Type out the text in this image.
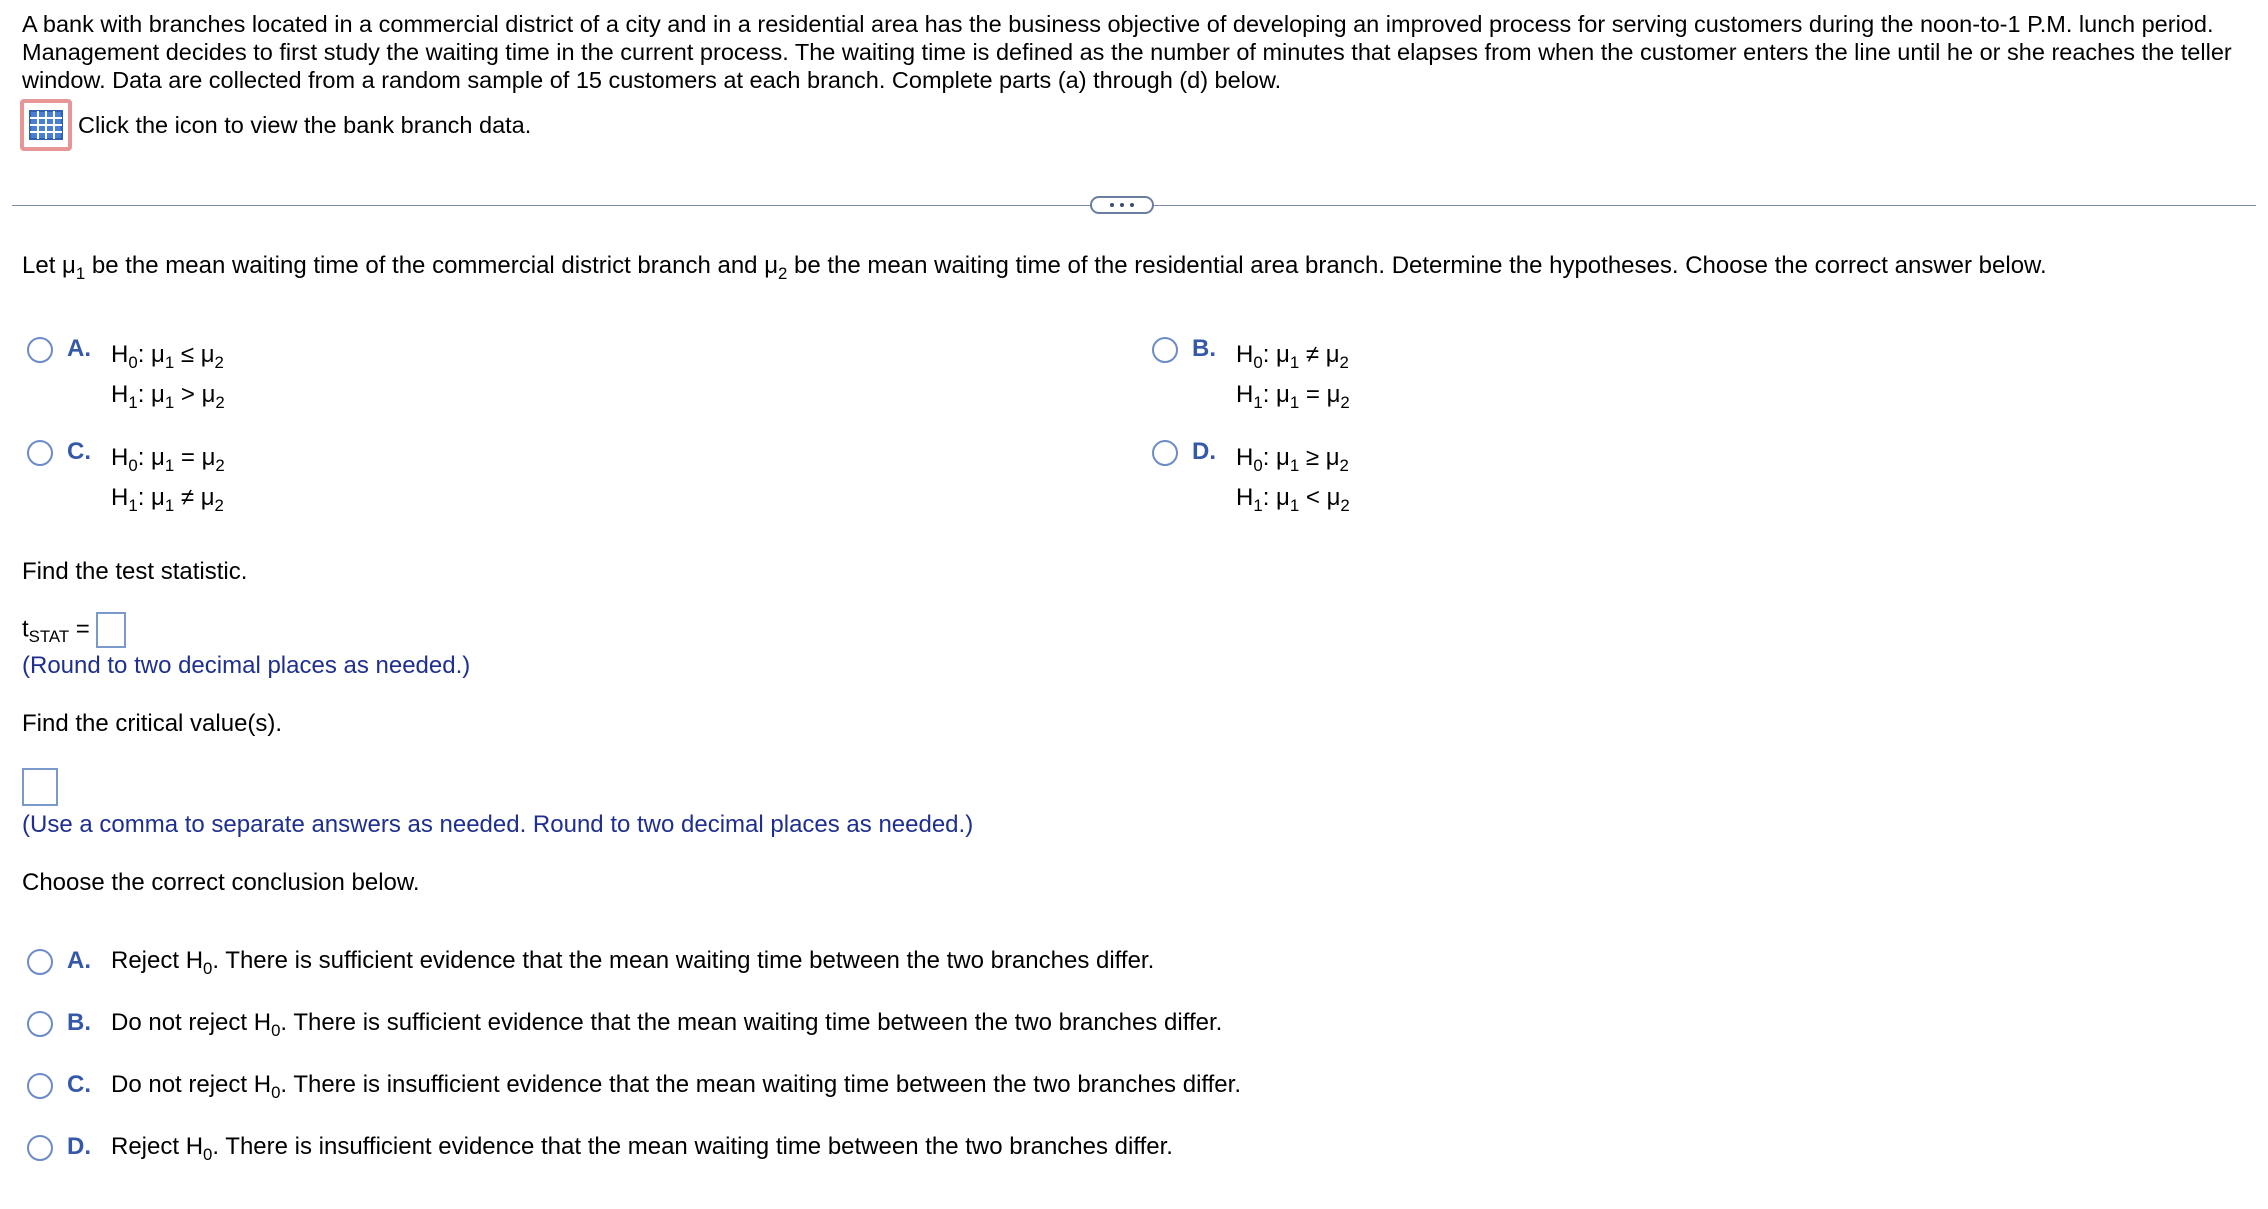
A bank with branches located in a commercial district of a city and in a residential area has the business objective of developing an improved process for serving customers during the noon-to-1 P.M. lunch period. Management decides to first study the waiting time in the current process. The waiting time is defined as the number of minutes that elapses from when the customer enters the line until he or she reaches the teller window. Data are collected from a random sample of 15 customers at each branch. Complete parts (a) through (d) below.
Click the icon to view the bank branch data.
Let $\mu_1$ be the mean waiting time of the commercial district branch and $\mu_2$ be the mean waiting time of the residential area branch. Determine the hypotheses. Choose the correct answer below.
A. $H_0$: $\mu_1 \le \mu_2$
$H_1$: $\mu_1 > \mu_2$
B. $H_0$: $\mu_1 \ne \mu_2$
$H_1$: $\mu_1 = \mu_2$
C. $H_0$: $\mu_1 = \mu_2$
$H_1$: $\mu_1 \ne \mu_2$
D. $H_0$: $\mu_1 \ge \mu_2$
$H_1$: $\mu_1 < \mu_2$
Find the test statistic.
$t_{STAT}$ =
(Round to two decimal places as needed.)
Find the critical value(s).
(Use a comma to separate answers as needed. Round to two decimal places as needed.)
Choose the correct conclusion below.
A. Reject $H_0$. There is sufficient evidence that the mean waiting time between the two branches differ.
B. Do not reject $H_0$. There is sufficient evidence that the mean waiting time between the two branches differ.
C. Do not reject $H_0$. There is insufficient evidence that the mean waiting time between the two branches differ.
D. Reject $H_0$. There is insufficient evidence that the mean waiting time between the two branches differ.
